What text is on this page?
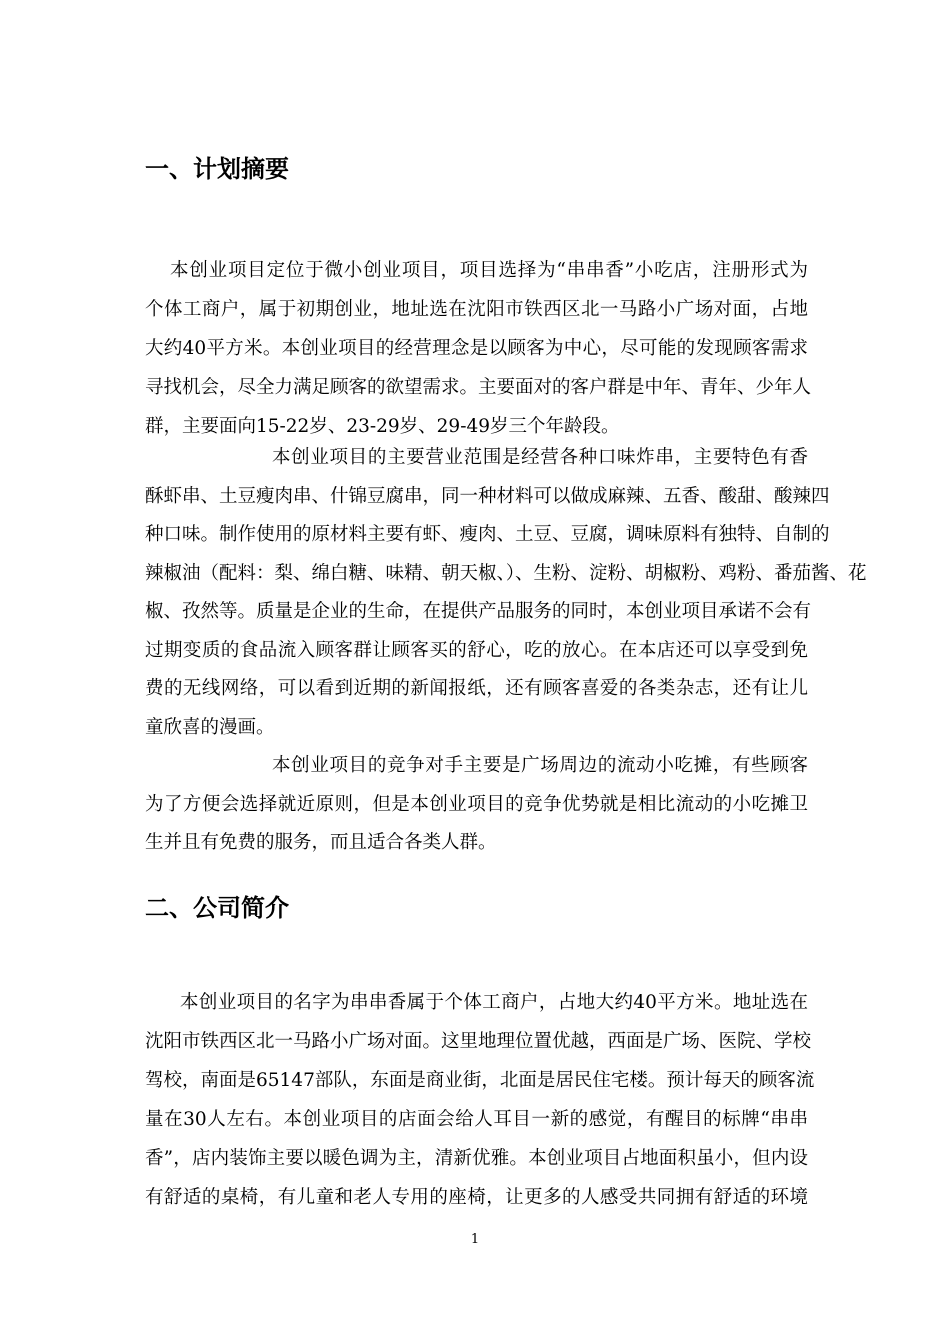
一、计划摘要
二、公司简介
本创业项目定位于微小创业项目，项目选择为“串串香”小吃店，注册形式为
个体工商户，属于初期创业，地址选在沈阳市铁西区北一马路小广场对面，占地
大约40平方米。本创业项目的经营理念是以顾客为中心，尽可能的发现顾客需求
寻找机会，尽全力满足顾客的欲望需求。主要面对的客户群是中年、青年、少年人
群，主要面向15-22岁、23-29岁、29-49岁三个年龄段。
本创业项目的主要营业范围是经营各种口味炸串，主要特色有香
酥虾串、土豆瘦肉串、什锦豆腐串，同一种材料可以做成麻辣、五香、酸甜、酸辣四
种口味。制作使用的原材料主要有虾、瘦肉、土豆、豆腐，调味原料有独特、自制的
辣椒油（配料：梨、绵白糖、味精、朝天椒、）、生粉、淀粉、胡椒粉、鸡粉、番茄酱、花
椒、孜然等。质量是企业的生命，在提供产品服务的同时，本创业项目承诺不会有
过期变质的食品流入顾客群让顾客买的舒心，吃的放心。在本店还可以享受到免
费的无线网络，可以看到近期的新闻报纸，还有顾客喜爱的各类杂志，还有让儿
童欣喜的漫画。
本创业项目的竞争对手主要是广场周边的流动小吃摊，有些顾客
为了方便会选择就近原则，但是本创业项目的竞争优势就是相比流动的小吃摊卫
生并且有免费的服务，而且适合各类人群。
本创业项目的名字为串串香属于个体工商户，占地大约40平方米。地址选在
沈阳市铁西区北一马路小广场对面。这里地理位置优越，西面是广场、医院、学校
驾校，南面是65147部队，东面是商业街，北面是居民住宅楼。预计每天的顾客流
量在30人左右。本创业项目的店面会给人耳目一新的感觉，有醒目的标牌“串串
香”，店内装饰主要以暖色调为主，清新优雅。本创业项目占地面积虽小，但内设
有舒适的桌椅，有儿童和老人专用的座椅，让更多的人感受共同拥有舒适的环境
1
